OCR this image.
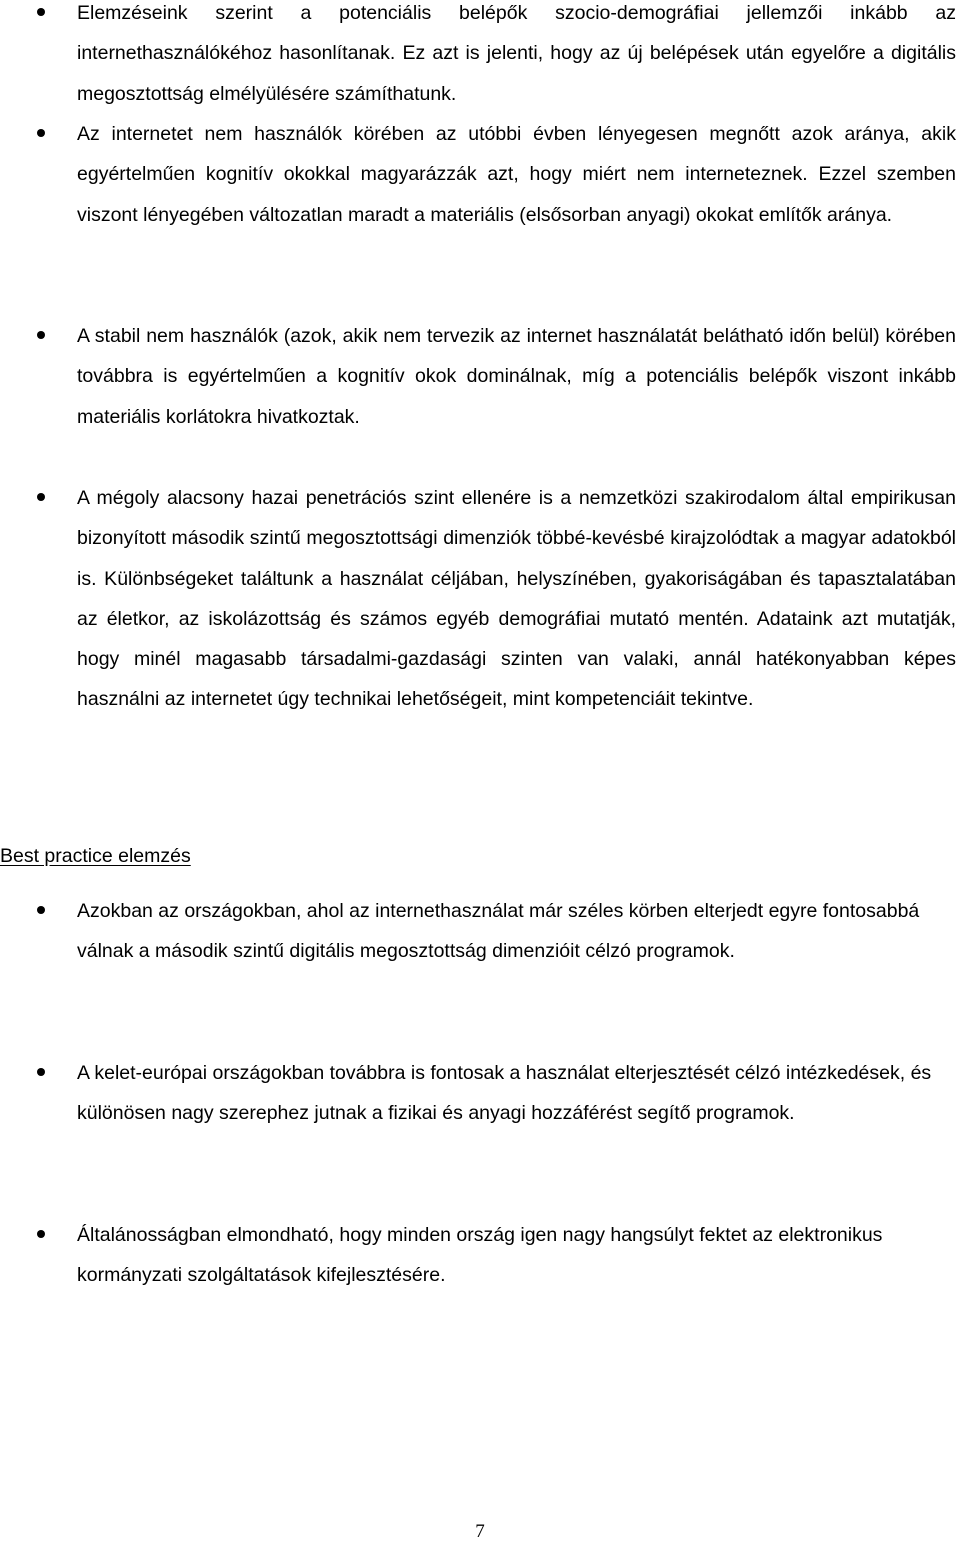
Elemzéseink szerint a potenciális belépők szocio-demográfiai jellemzői inkább az internethasználókéhoz hasonlítanak. Ez azt is jelenti, hogy az új belépések után egyelőre a digitális megosztottság elmélyülésére számíthatunk.
Az internetet nem használók körében az utóbbi évben lényegesen megnőtt azok aránya, akik egyértelműen kognitív okokkal magyarázzák azt, hogy miért nem interneteznek. Ezzel szemben viszont lényegében változatlan maradt a materiális (elsősorban anyagi) okokat említők aránya.
A stabil nem használók (azok, akik nem tervezik az internet használatát belátható időn belül) körében továbbra is egyértelműen a kognitív okok dominálnak, míg a potenciális belépők viszont inkább materiális korlátokra hivatkoztak.
A mégoly alacsony hazai penetrációs szint ellenére is a nemzetközi szakirodalom által empirikusan bizonyított második szintű megosztottsági dimenziók többé-kevésbé kirajzolódtak a magyar adatokból is. Különbségeket találtunk a használat céljában, helyszínében, gyakoriságában és tapasztalatában az életkor, az iskolázottság és számos egyéb demográfiai mutató mentén. Adataink azt mutatják, hogy minél magasabb társadalmi-gazdasági szinten van valaki, annál hatékonyabban képes használni az internetet úgy technikai lehetőségeit, mint kompetenciáit tekintve.
Best practice elemzés
Azokban az országokban, ahol az internethasználat már széles körben elterjedt egyre fontosabbá válnak a második szintű digitális megosztottság dimenzióit célzó programok.
A kelet-európai országokban továbbra is fontosak a használat elterjesztését célzó intézkedések, és különösen nagy szerephez jutnak a fizikai és anyagi hozzáférést segítő programok.
Általánosságban elmondható, hogy minden ország igen nagy hangsúlyt fektet az elektronikus kormányzati szolgáltatások kifejlesztésére.
7
